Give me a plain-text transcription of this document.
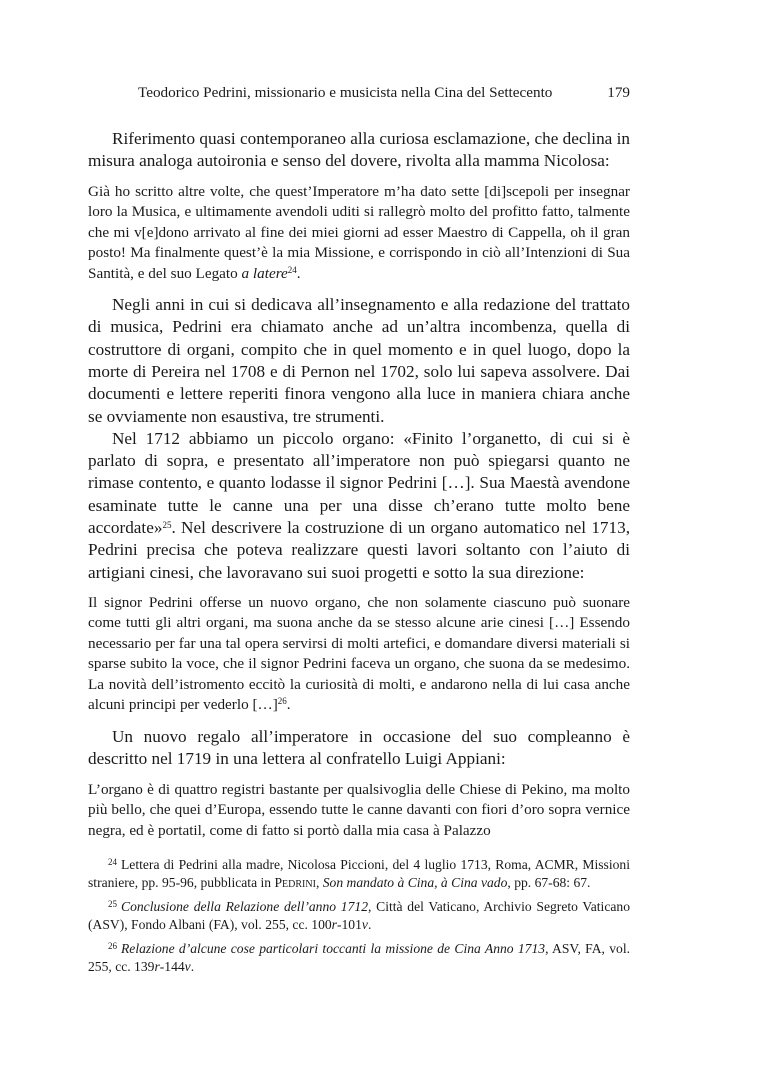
Teodorico Pedrini, missionario e musicista nella Cina del Settecento	179

Riferimento quasi contemporaneo alla curiosa esclamazione, che declina in misura analoga autoironia e senso del dovere, rivolta alla mamma Nicolosa:

Già ho scritto altre volte, che quest’Imperatore m’ha dato sette [di]scepoli per insegnar loro la Musica, e ultimamente avendoli uditi si rallegrò molto del profitto fatto, talmente che mi v[e]dono arrivato al fine dei miei giorni ad esser Maestro di Cappella, oh il gran posto! Ma finalmente quest’è la mia Missione, e corrispondo in ciò all’Intenzioni di Sua Santità, e del suo Legato a latere$^{24}$.

Negli anni in cui si dedicava all’insegnamento e alla redazione del trattato di musica, Pedrini era chiamato anche ad un’altra incombenza, quella di costruttore di organi, compito che in quel momento e in quel luogo, dopo la morte di Pereira nel 1708 e di Pernon nel 1702, solo lui sapeva assolvere. Dai documenti e lettere reperiti finora vengono alla luce in maniera chiara anche se ovviamente non esaustiva, tre strumenti.

Nel 1712 abbiamo un piccolo organo: «Finito l’organetto, di cui si è parlato di sopra, e presentato all’imperatore non può spiegarsi quanto ne rimase contento, e quanto lodasse il signor Pedrini […]. Sua Maestà avendone esaminate tutte le canne una per una disse ch’erano tutte molto bene accordate»$^{25}$. Nel descrivere la costruzione di un organo automatico nel 1713, Pedrini precisa che poteva realizzare questi lavori soltanto con l’aiuto di artigiani cinesi, che lavoravano sui suoi progetti e sotto la sua direzione:

Il signor Pedrini offerse un nuovo organo, che non solamente ciascuno può suonare come tutti gli altri organi, ma suona anche da se stesso alcune arie cinesi […] Essendo necessario per far una tal opera servirsi di molti artefici, e domandare diversi materiali si sparse subito la voce, che il signor Pedrini faceva un organo, che suona da se medesimo. La novità dell’istromento eccitò la curiosità di molti, e andarono nella di lui casa anche alcuni principi per vederlo […]$^{26}$.

Un nuovo regalo all’imperatore in occasione del suo compleanno è descritto nel 1719 in una lettera al confratello Luigi Appiani:

L’organo è di quattro registri bastante per qualsivoglia delle Chiese di Pekino, ma molto più bello, che quei d’Europa, essendo tutte le canne davanti con fiori d’oro sopra vernice negra, ed è portatil, come di fatto si portò dalla mia casa à Palazzo

$^{24}$ Lettera di Pedrini alla madre, Nicolosa Piccioni, del 4 luglio 1713, Roma, ACMR, Missioni straniere, pp. 95-96, pubblicata in Pedrini, Son mandato à Cina, à Cina vado, pp. 67-68: 67.

$^{25}$ Conclusione della Relazione dell’anno 1712, Città del Vaticano, Archivio Segreto Vaticano (ASV), Fondo Albani (FA), vol. 255, cc. 100r-101v.

$^{26}$ Relazione d’alcune cose particolari toccanti la missione de Cina Anno 1713, ASV, FA, vol. 255, cc. 139r-144v.
